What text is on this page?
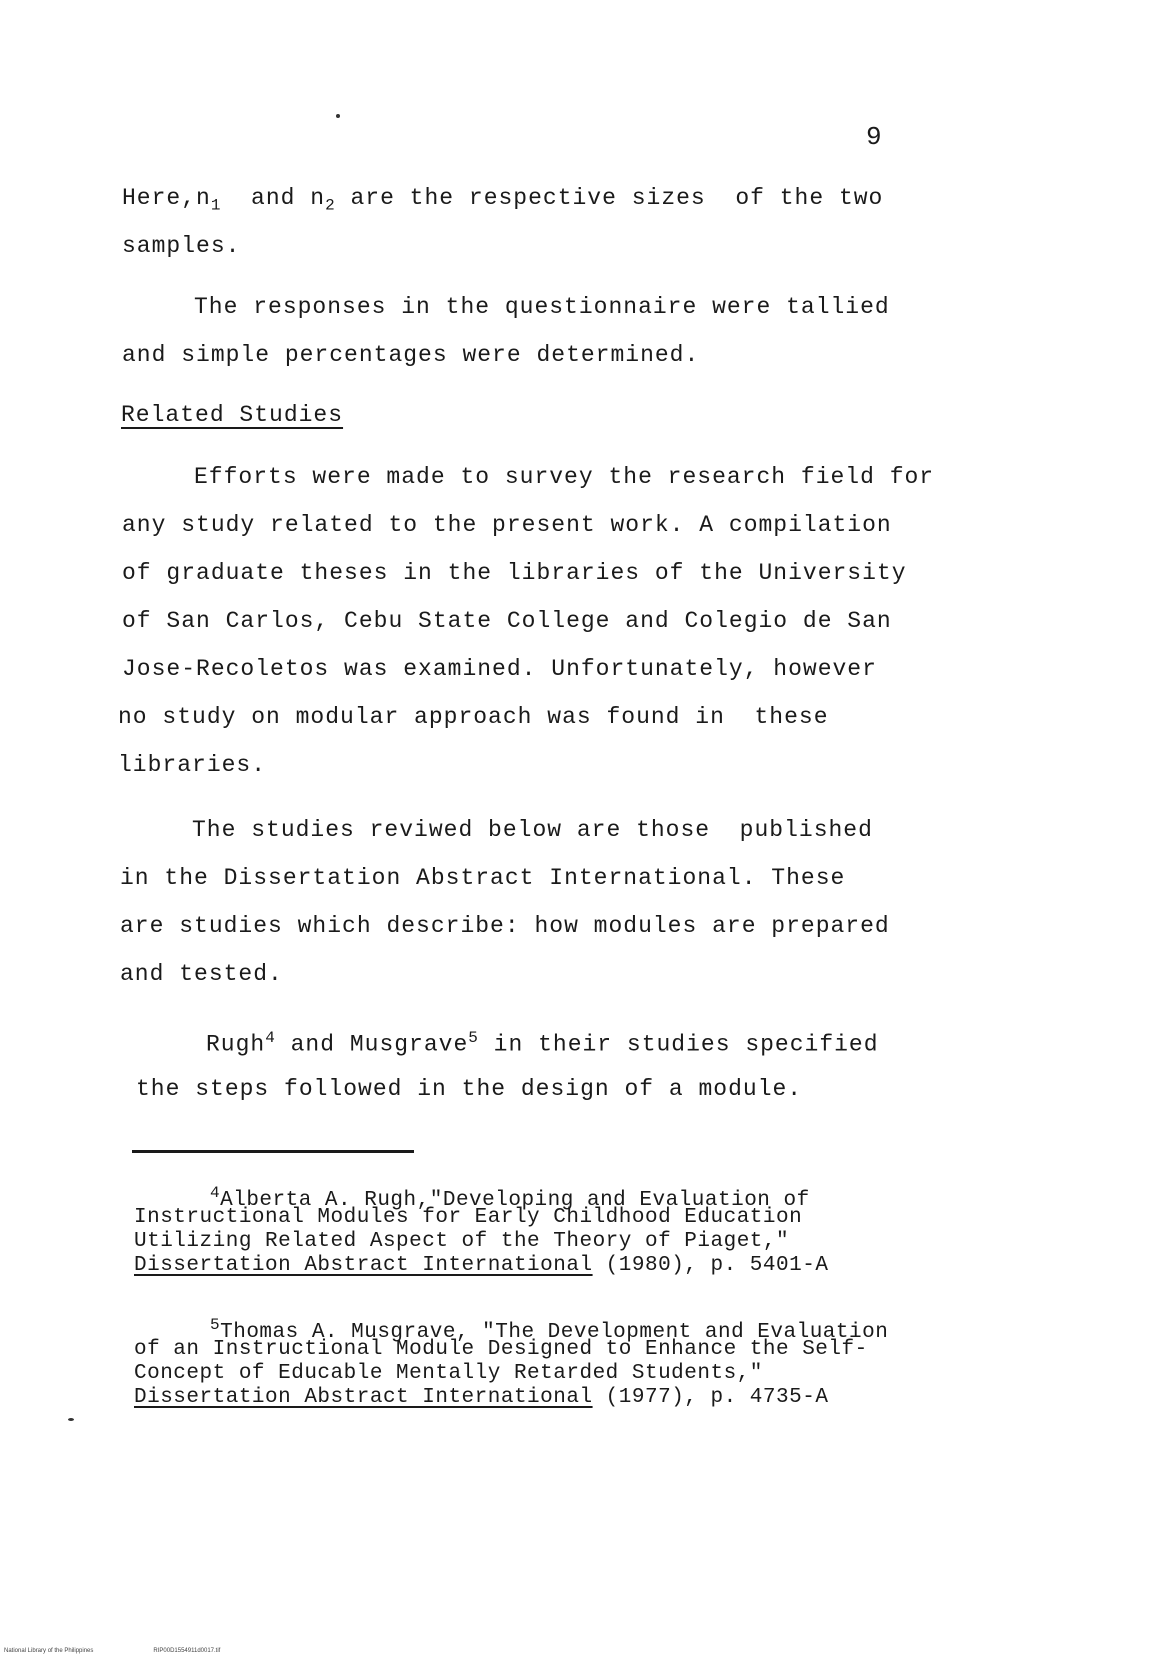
9
$Here,n_1$  and $n_2$ are the respective sizes  of the two
samples.
The responses in the questionnaire were tallied
and simple percentages were determined.
Related Studies
Efforts were made to survey the research field for
any study related to the present work. A compilation
of graduate theses in the libraries of the University
of San Carlos, Cebu State College and Colegio de San
Jose-Recoletos was examined. Unfortunately, however
no study on modular approach was found in  these
libraries.
The studies reviwed below are those  published
in the Dissertation Abstract International. These
are studies which describe: how modules are prepared
and tested.
Rugh$^4$ and Musgrave$^5$ in their studies specified
the steps followed in the design of a module.
$^4$Alberta A. Rugh,"Developing and Evaluation of
Instructional Modules for Early Childhood Education
Utilizing Related Aspect of the Theory of Piaget,"
Dissertation Abstract International (1980), p. 5401-A
$^5$Thomas A. Musgrave, "The Development and Evaluation
of an Instructional Module Designed to Enhance the Self-
Concept of Educable Mentally Retarded Students,"
Dissertation Abstract International (1977), p. 4735-A
National Library of the Philippines	RIP00D1554911d0017.tif
